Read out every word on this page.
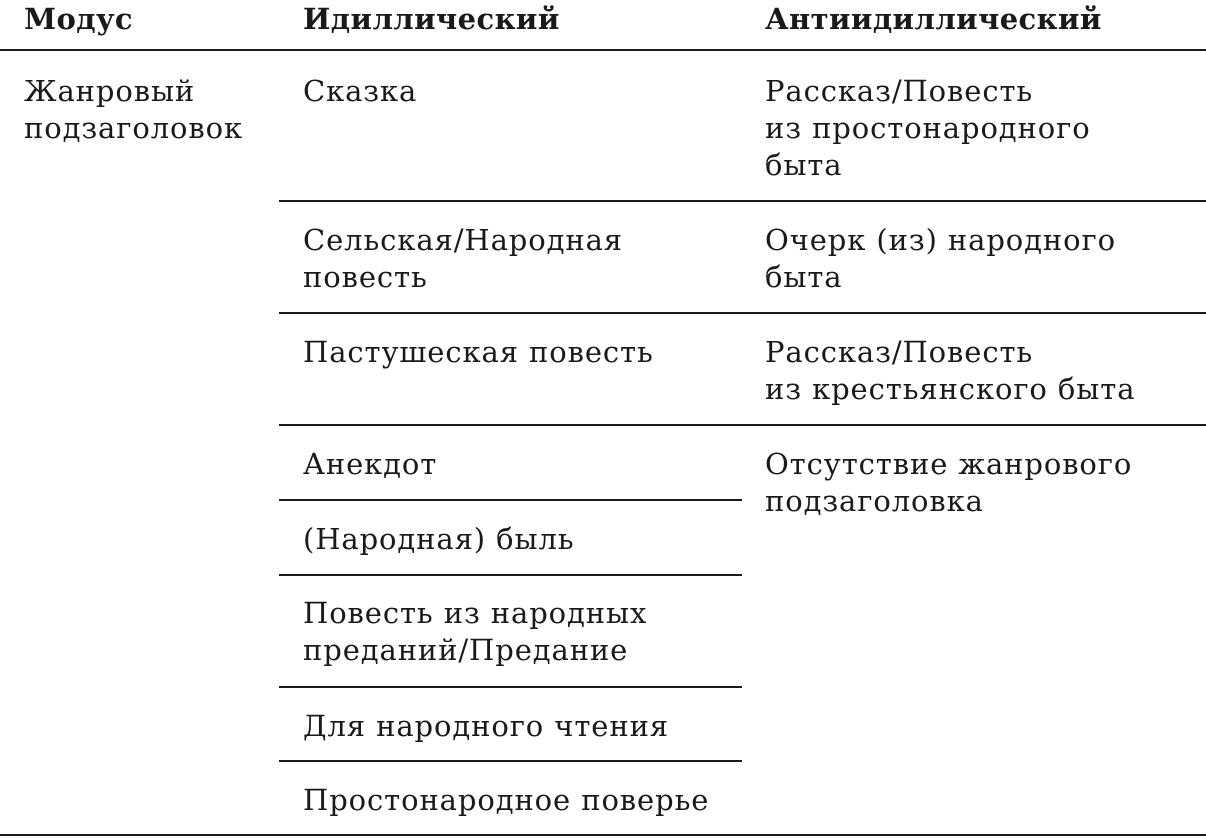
Модус	Идиллический	Антиидиллический
Жанровый
подзаголовок
Сказка
Сельская/Народная
повесть
Пастушеская повесть
Анекдот
(Народная) быль
Повесть из народных
преданий/Предание
Для народного чтения
Простонародное поверье
Рассказ/Повесть
из простонародного
быта
Очерк (из) народного
быта
Рассказ/Повесть
из крестьянского быта
Отсутствие жанрового
подзаголовка
